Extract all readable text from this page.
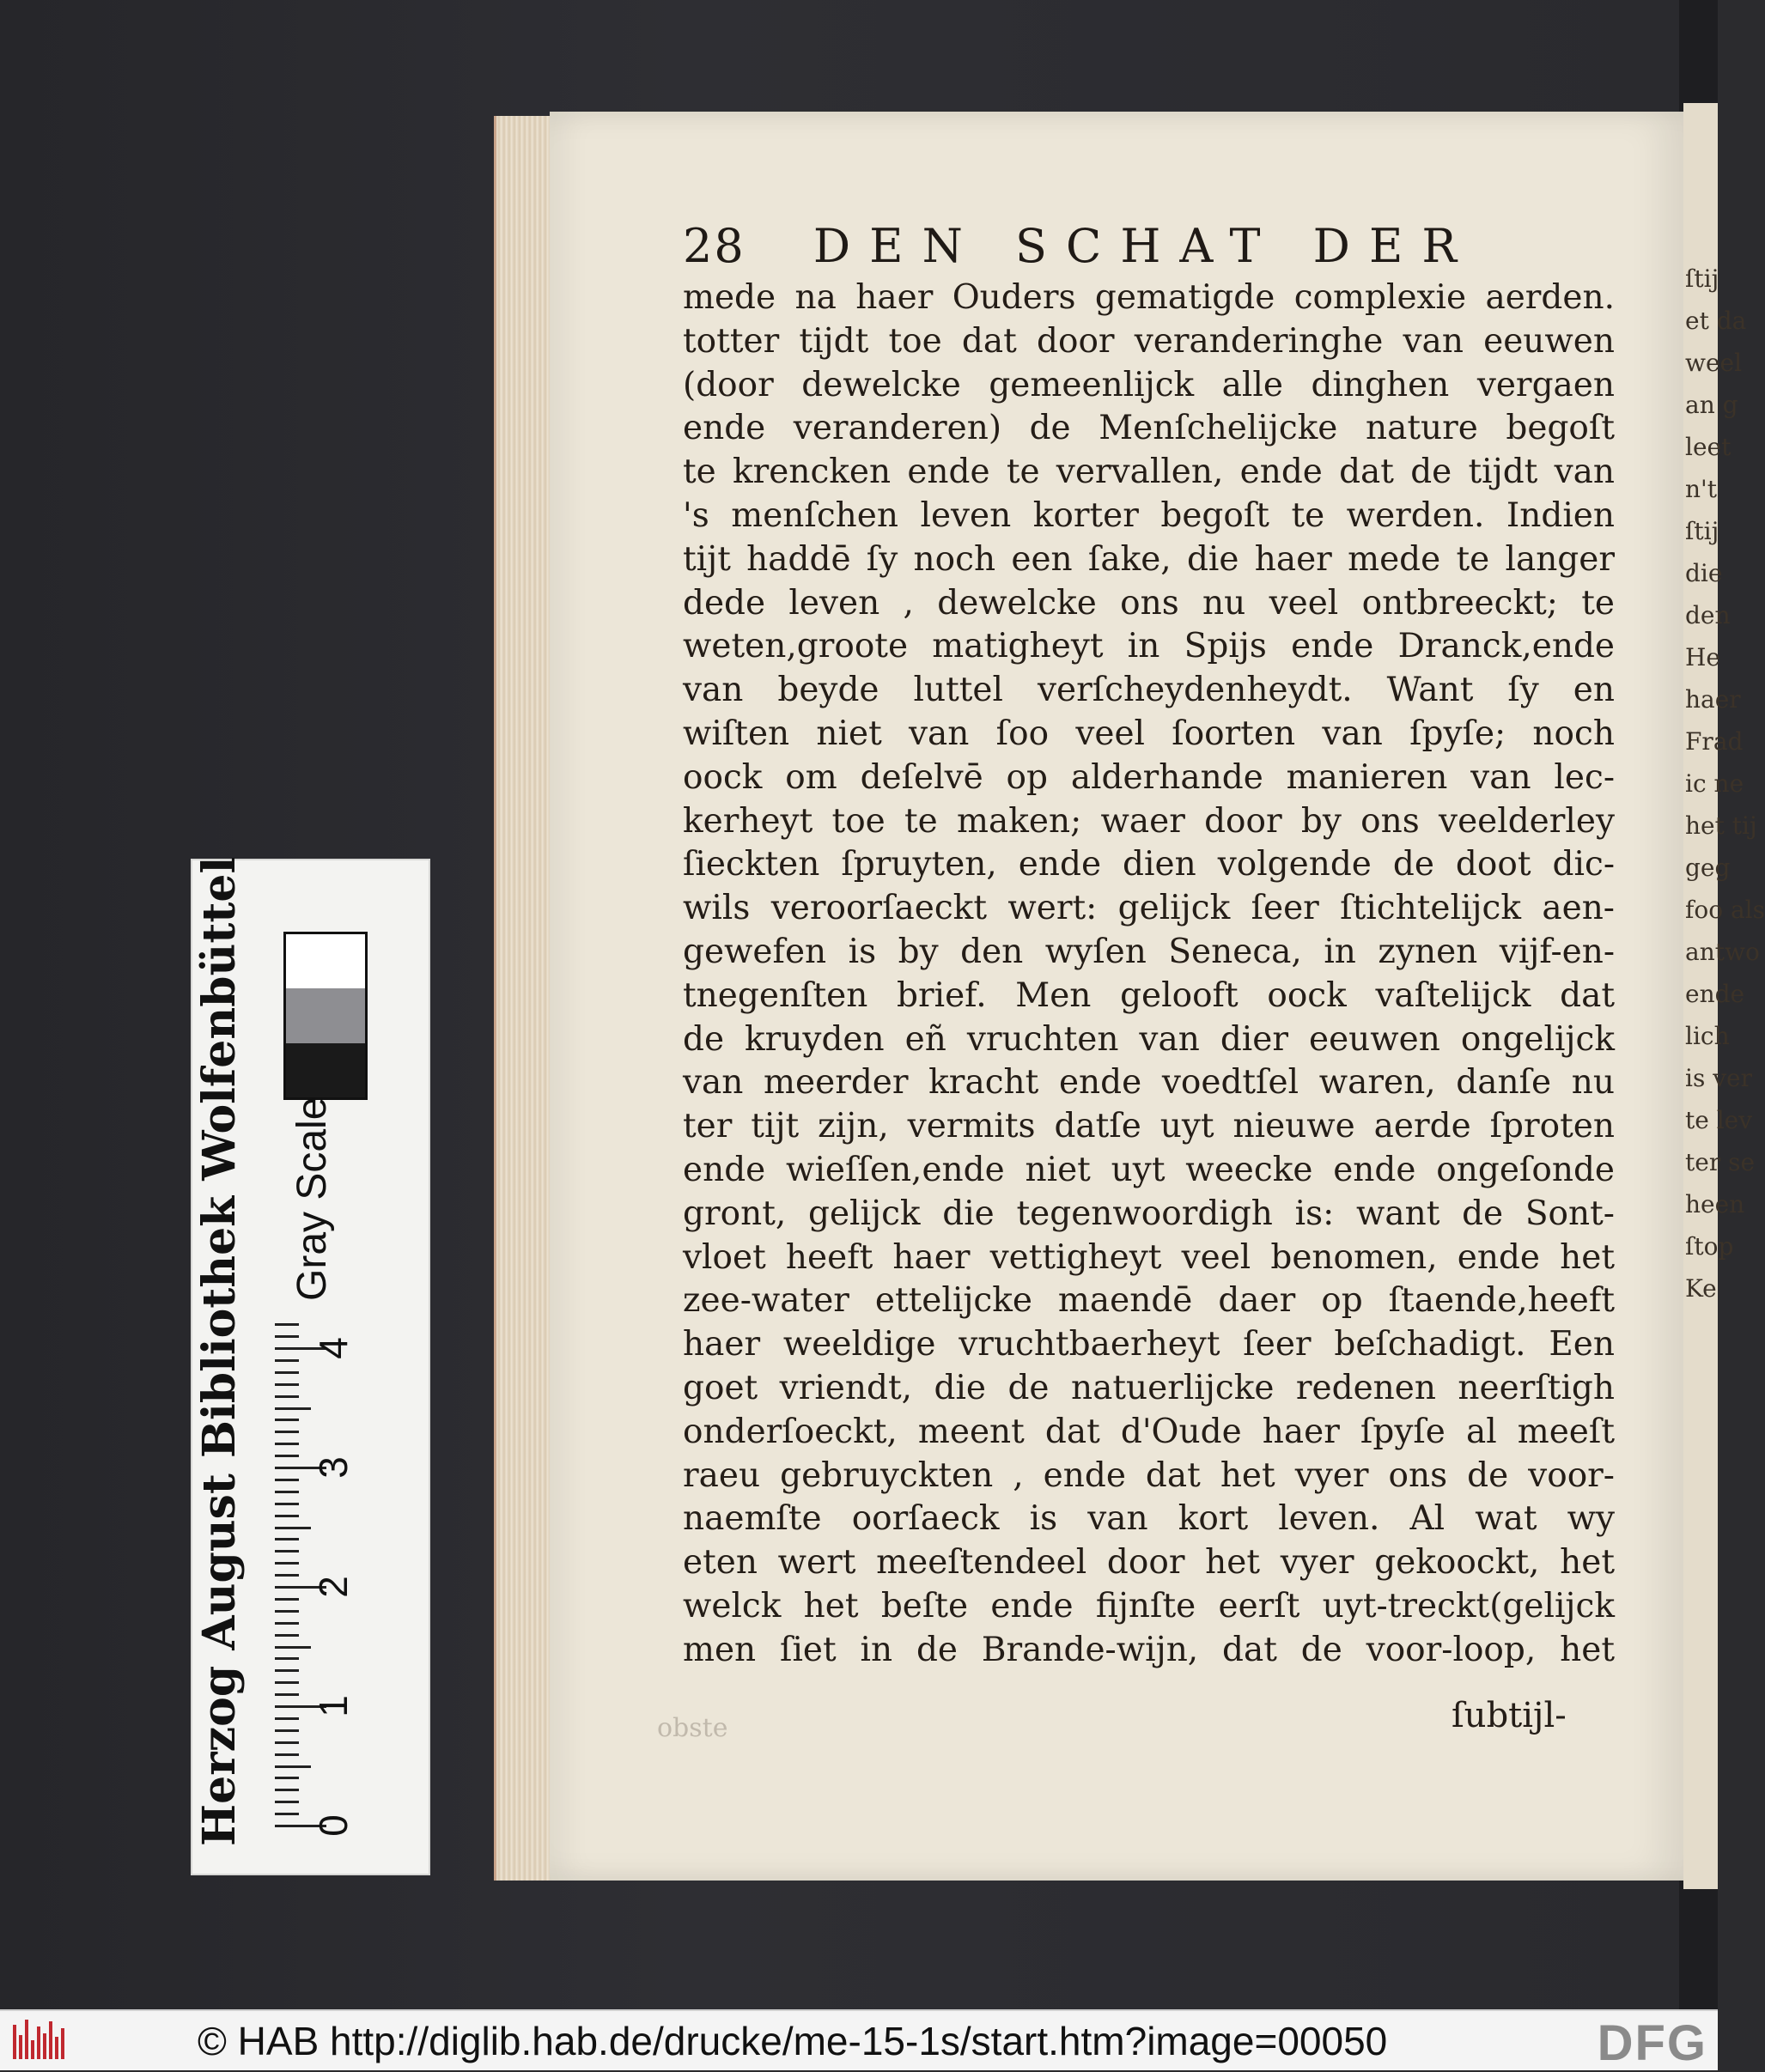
ſtij
et da
weel
an g
leet
n't
ſtij
die
den
He
haer
Frad
ic ne
het tij
geg
foo als
antwo
ende
lich
is ver
te lev
ter se
heen
ſtop
Ke
28 DEN SCHAT DER
mede na haer Ouders gematigde complexie aerden.
totter tijdt toe dat door veranderinghe van eeuwen
(door dewelcke gemeenlijck alle dinghen vergaen
ende veranderen) de Menſchelijcke nature begoſt
te krencken ende te vervallen, ende dat de tijdt van
's menſchen leven korter begoſt te werden. Indien
tijt haddē ſy noch een ſake, die haer mede te langer
dede leven , dewelcke ons nu veel ontbreeckt; te
weten,groote matigheyt in Spijs ende Dranck,ende
van beyde luttel verſcheydenheydt. Want ſy en
wiſten niet van ſoo veel ſoorten van ſpyſe; noch
oock om deſelvē op alderhande manieren van lec-
kerheyt toe te maken; waer door by ons veelderley
ſieckten ſpruyten, ende dien volgende de doot dic-
wils veroorſaeckt wert: gelijck ſeer ſtichtelijck aen-
gewefen is by den wyſen Seneca, in zynen vijf-en-
tnegenſten brief. Men gelooft oock vaſtelijck dat
de kruyden eñ vruchten van dier eeuwen ongelijck
van meerder kracht ende voedtſel waren, danſe nu
ter tijt zijn, vermits datſe uyt nieuwe aerde ſproten
ende wieſſen,ende niet uyt weecke ende ongeſonde
gront, gelijck die tegenwoordigh is: want de Sont-
vloet heeft haer vettigheyt veel benomen, ende het
zee-water ettelijcke maendē daer op ſtaende,heeft
haer weeldige vruchtbaerheyt ſeer beſchadigt. Een
goet vriendt, die de natuerlijcke redenen neerſtigh
onderſoeckt, meent dat d'Oude haer ſpyſe al meeſt
raeu gebruyckten , ende dat het vyer ons de voor-
naemſte oorſaeck is van kort leven. Al wat wy
eten wert meeſtendeel door het vyer gekoockt, het
welck het beſte ende fijnſte eerſt uyt-treckt(gelijck
men ſiet in de Brande-wijn, dat de voor-loop, het
ſubtijl-
obste
Herzog August Bibliothek Wolfenbüttel Gray Scale
0
1
2
3
4
© HAB http://diglib.hab.de/drucke/me-15-1s/start.htm?image=00050	DFG
